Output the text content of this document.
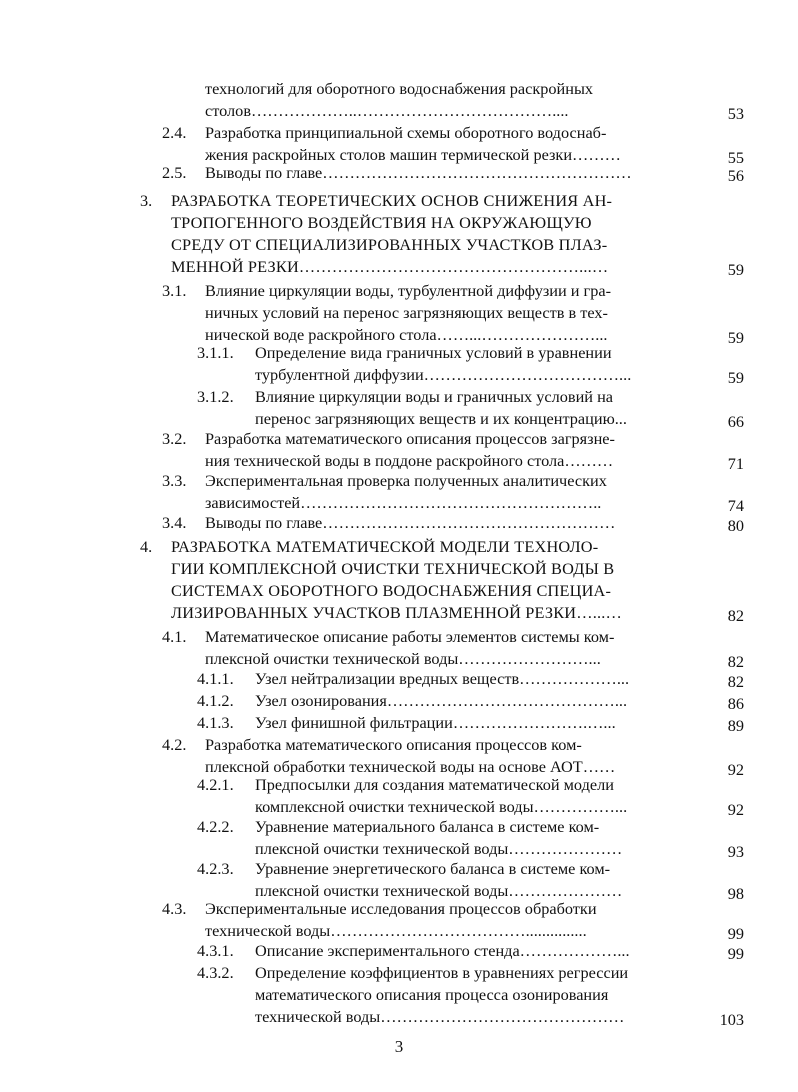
технологий для оборотного водоснабжения раскройных
столов………………..………………………………....	53
2.4.	Разработка принципиальной схемы оборотного водоснаб-
жения раскройных столов машин термической резки………	55
2.5.	Выводы по главе…………………………………………………	56
3.	РАЗРАБОТКА ТЕОРЕТИЧЕСКИХ ОСНОВ СНИЖЕНИЯ АН-
ТРОПОГЕННОГО ВОЗДЕЙСТВИЯ НА ОКРУЖАЮЩУЮ
СРЕДУ ОТ СПЕЦИАЛИЗИРОВАННЫХ УЧАСТКОВ ПЛАЗ-
МЕННОЙ РЕЗКИ……………………………………………...…	59
3.1.	Влияние циркуляции воды, турбулентной диффузии и гра-
ничных условий на перенос загрязняющих веществ в тех-
нической воде раскройного стола……...…………………...	59
3.1.1.	Определение вида граничных условий в уравнении
турбулентной диффузии………………………………...	59
3.1.2.	Влияние циркуляции воды и граничных условий на
перенос загрязняющих веществ и их концентрацию...	66
3.2.	Разработка математического описания процессов загрязне-
ния технической воды в поддоне раскройного стола………	71
3.3.	Экспериментальная проверка полученных аналитических
зависимостей………………………………………………..	74
3.4.	Выводы по главе………………………………………………	80
4.	РАЗРАБОТКА МАТЕМАТИЧЕСКОЙ МОДЕЛИ ТЕХНОЛО-
ГИИ КОМПЛЕКСНОЙ ОЧИСТКИ ТЕХНИЧЕСКОЙ ВОДЫ В
СИСТЕМАХ ОБОРОТНОГО ВОДОСНАБЖЕНИЯ СПЕЦИА-
ЛИЗИРОВАННЫХ УЧАСТКОВ ПЛАЗМЕННОЙ РЕЗКИ…...…	82
4.1.	Математическое описание работы элементов системы ком-
плексной очистки технической воды……………………...	82
4.1.1.	Узел нейтрализации вредных веществ………………...	82
4.1.2.	Узел озонирования……………………………………...	86
4.1.3.	Узел финишной фильтрации…………………….…...	89
4.2.	Разработка математического описания процессов ком-
плексной обработки технической воды на основе АОТ……	92
4.2.1.	Предпосылки для создания математической модели
комплексной очистки технической воды……………...	92
4.2.2.	Уравнение материального баланса в системе ком-
плексной очистки технической воды…………………	93
4.2.3.	Уравнение энергетического баланса в системе ком-
плексной очистки технической воды…………………	98
4.3.	Экспериментальные исследования процессов обработки
технической воды………………………………...............	99
4.3.1.	Описание экспериментального стенда………………...	99
4.3.2.	Определение коэффициентов в уравнениях регрессии
математического описания процесса озонирования
технической воды………………………………………	103
3
